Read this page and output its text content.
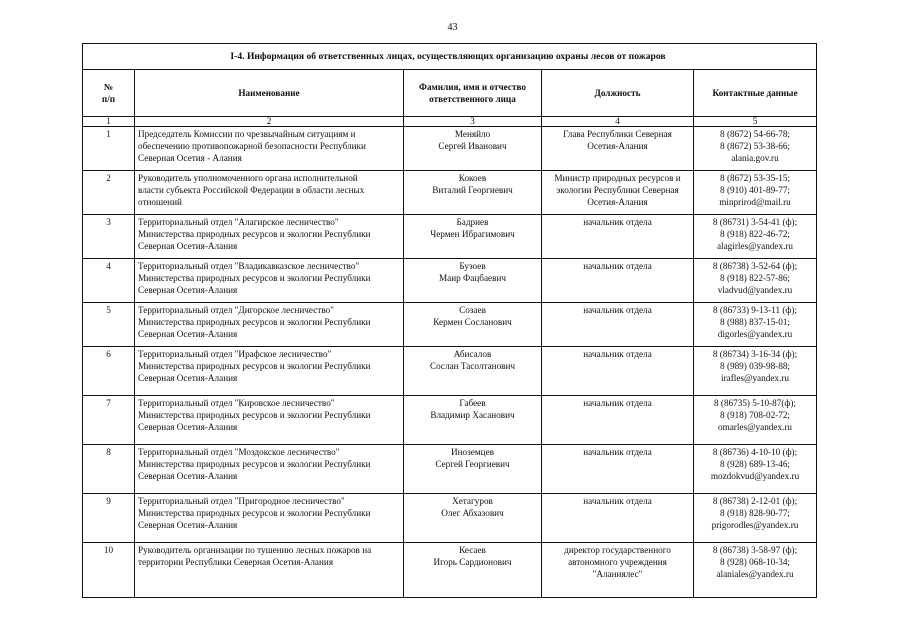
43
I-4. Информация об ответственных лицах, осуществляющих организацию охраны лесов от пожаров				

№
п/п	Наименование	Фамилия, имя и отчество
ответственного лица	Должность	Контактные данные

1	2	3	4	5
1	Председатель Комиссии по чрезвычайным ситуациям и
обеспечению противопожарной безопасности Республики
Северная Осетия - Алания	Меняйло
Сергей Иванович	Глава Республики Северная
Осетия-Алания	8 (8672) 54-66-78;
8 (8672) 53-38-66;
alania.gov.ru

2	Руководитель уполномоченного органа исполнительной
власти субъекта Российской Федерации в области лесных
отношений	Кокоев
Виталий Георгиевич	Министр природных ресурсов и
экологии Республики Северная
Осетия-Алания	8 (8672) 53-35-15;
8 (910) 401-89-77;
minprirod@mail.ru

3	Территориальный отдел "Алагирское лесничество"
Министерства природных ресурсов и экологии Республики
Северная Осетия-Алания	Бадриев
Чермен Ибрагимович	начальник отдела	8 (86731) 3-54-41 (ф);
8 (918) 822-46-72;
alagirles@yandex.ru

4	Территориальный отдел "Владикавказское лесничество"
Министерства природных ресурсов и экологии Республики
Северная Осетия-Алания	Бузоев
Маир Фацбаевич	начальник отдела	8 (86738) 3-52-64 (ф);
8 (918) 822-57-86;
vladvud@yandex.ru

5	Территориальный отдел "Дигорское лесничество"
Министерства природных ресурсов и экологии Республики
Северная Осетия-Алания	Созаев
Кермен Сосланович	начальник отдела	8 (86733) 9-13-11 (ф);
8 (988) 837-15-01;
digorles@yandex.ru

6	Территориальный отдел "Ирафское лесничество"
Министерства природных ресурсов и экологии Республики
Северная Осетия-Алания	Абисалов
Сослан Тасолтанович	начальник отдела	8 (86734) 3-16-34 (ф);
8 (989) 039-98-88;
irafles@yandex.ru

7	Территориальный отдел "Кировское лесничество"
Министерства природных ресурсов и экологии Республики
Северная Осетия-Алания	Габеев
Владимир Хасанович	начальник отдела	8 (86735) 5-10-87(ф);
8 (918) 708-02-72;
omarles@yandex.ru

8	Территориальный отдел "Моздокское лесничество"
Министерства природных ресурсов и экологии Республики
Северная Осетия-Алания	Иноземцев
Сергей Георгиевич	начальник отдела	8 (86736) 4-10-10 (ф);
8 (928) 689-13-46;
mozdokvud@yandex.ru

9	Территориальный отдел "Пригородное лесничество"
Министерства природных ресурсов и экологии Республики
Северная Осетия-Алания	Хетагуров
Олег Абхазович	начальник отдела	8 (86738) 2-12-01 (ф);
8 (918) 828-90-77;
prigorodles@yandex.ru

10	Руководитель организации по тушению лесных пожаров на
территории Республики Северная Осетия-Алания	Кесаев
Игорь Сардионович	директор государственного
автономного учреждения
"Аланиялес"	8 (86738) 3-58-97 (ф);
8 (928) 068-10-34;
alaniales@yandex.ru
